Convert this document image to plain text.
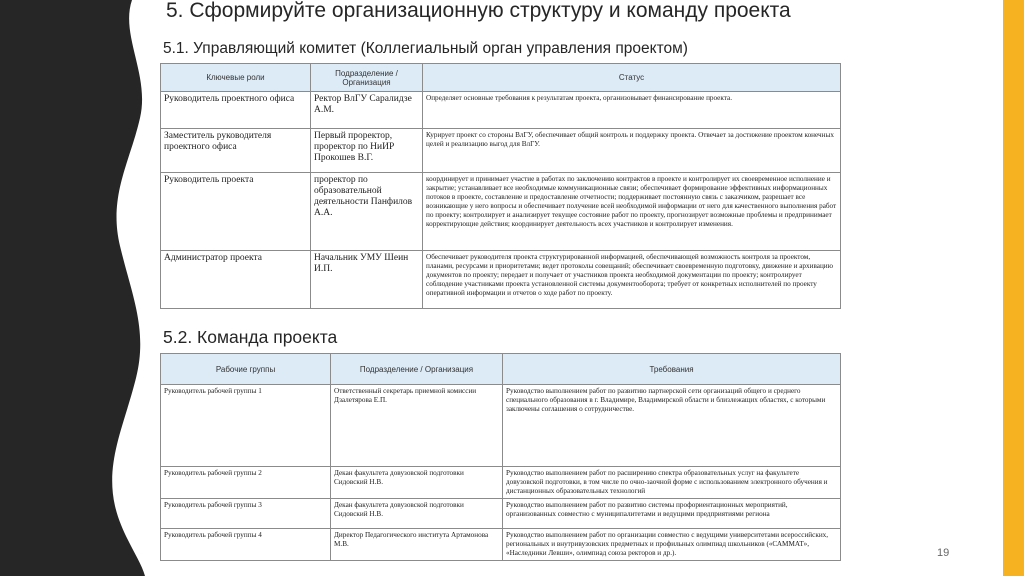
5. Сформируйте организационную структуру и команду проекта
5.1. Управляющий комитет (Коллегиальный орган управления проектом)
Ключевые роли	Подразделение / Организация	Статус
Руководитель проектного офиса	Ректор ВлГУ Саралидзе А.М.	Определяет основные требования к результатам проекта, организовывает финансирование проекта.
Заместитель руководителя проектного офиса	Первый проректор, проректор по НиИР Прокошев В.Г.	Курирует проект со стороны ВлГУ, обеспечивает общий контроль и поддержку проекта. Отвечает за достижение проектом конечных целей и реализацию выгод для ВлГУ.
Руководитель проекта	проректор по образовательной деятельности Панфилов А.А.	координирует и принимает участие в работах по заключению контрактов в проекте и контролирует их своевременное исполнение и закрытие; устанавливает все необходимые коммуникационные связи; обеспечивает формирование эффективных информационных потоков в проекте, составление и предоставление отчетности; поддерживает постоянную связь с заказчиком, разрешает все возникающие у него вопросы и обеспечивает получение всей необходимой информации от него для качественного выполнения работ по проекту; контролирует и анализирует текущее состояние работ по проекту, прогнозирует возможные проблемы и предпринимает корректирующие действия; координирует деятельность всех участников и контролирует изменения.
Администратор проекта	Начальник УМУ Шеин И.П.	Обеспечивает руководителя проекта структурированной информацией, обеспечивающей возможность контроля за проектом, планами, ресурсами и приоритетами; ведет протоколы совещаний; обеспечивает своевременную подготовку, движение и архивацию документов по проекту; передает и получает от участников проекта необходимой документации по проекту; контролирует соблюдение участниками проекта установленной системы документооборота; требует от конкретных исполнителей по проекту оперативной информации и отчетов о ходе работ по проекту.
5.2. Команда проекта
Рабочие группы	Подразделение / Организация	Требования
Руководитель рабочей группы 1	Ответственный секретарь приемной комиссии Дзалетярова Е.П.	Руководство выполнением работ по развитию партнерской сети организаций общего и среднего специального образования в г. Владимире, Владимирской области и близлежащих областях, с которыми заключены соглашения о сотрудничестве.
Руководитель рабочей группы 2	Декан факультета довузовской подготовки Сидовский Н.В.	Руководство выполнением работ по расширению спектра образовательных услуг на факультете довузовской подготовки, в том числе по очно-заочной форме с использованием электронного обучения и дистанционных образовательных технологий
Руководитель рабочей группы 3	Декан факультета довузовской подготовки Сидовский Н.В.	Руководство выполнением работ по развитию системы профориентационных мероприятий, организованных совместно с муниципалитетами и ведущими предприятиями региона
Руководитель рабочей группы 4	Директор Педагогического института Артамонова М.В.	Руководство выполнением работ по организации совместно с ведущими университетами всероссийских, региональных и внутривузовских предметных и профильных олимпиад школьников («САММАТ», «Наследники Левши», олимпиад союза ректоров и др.).	19
